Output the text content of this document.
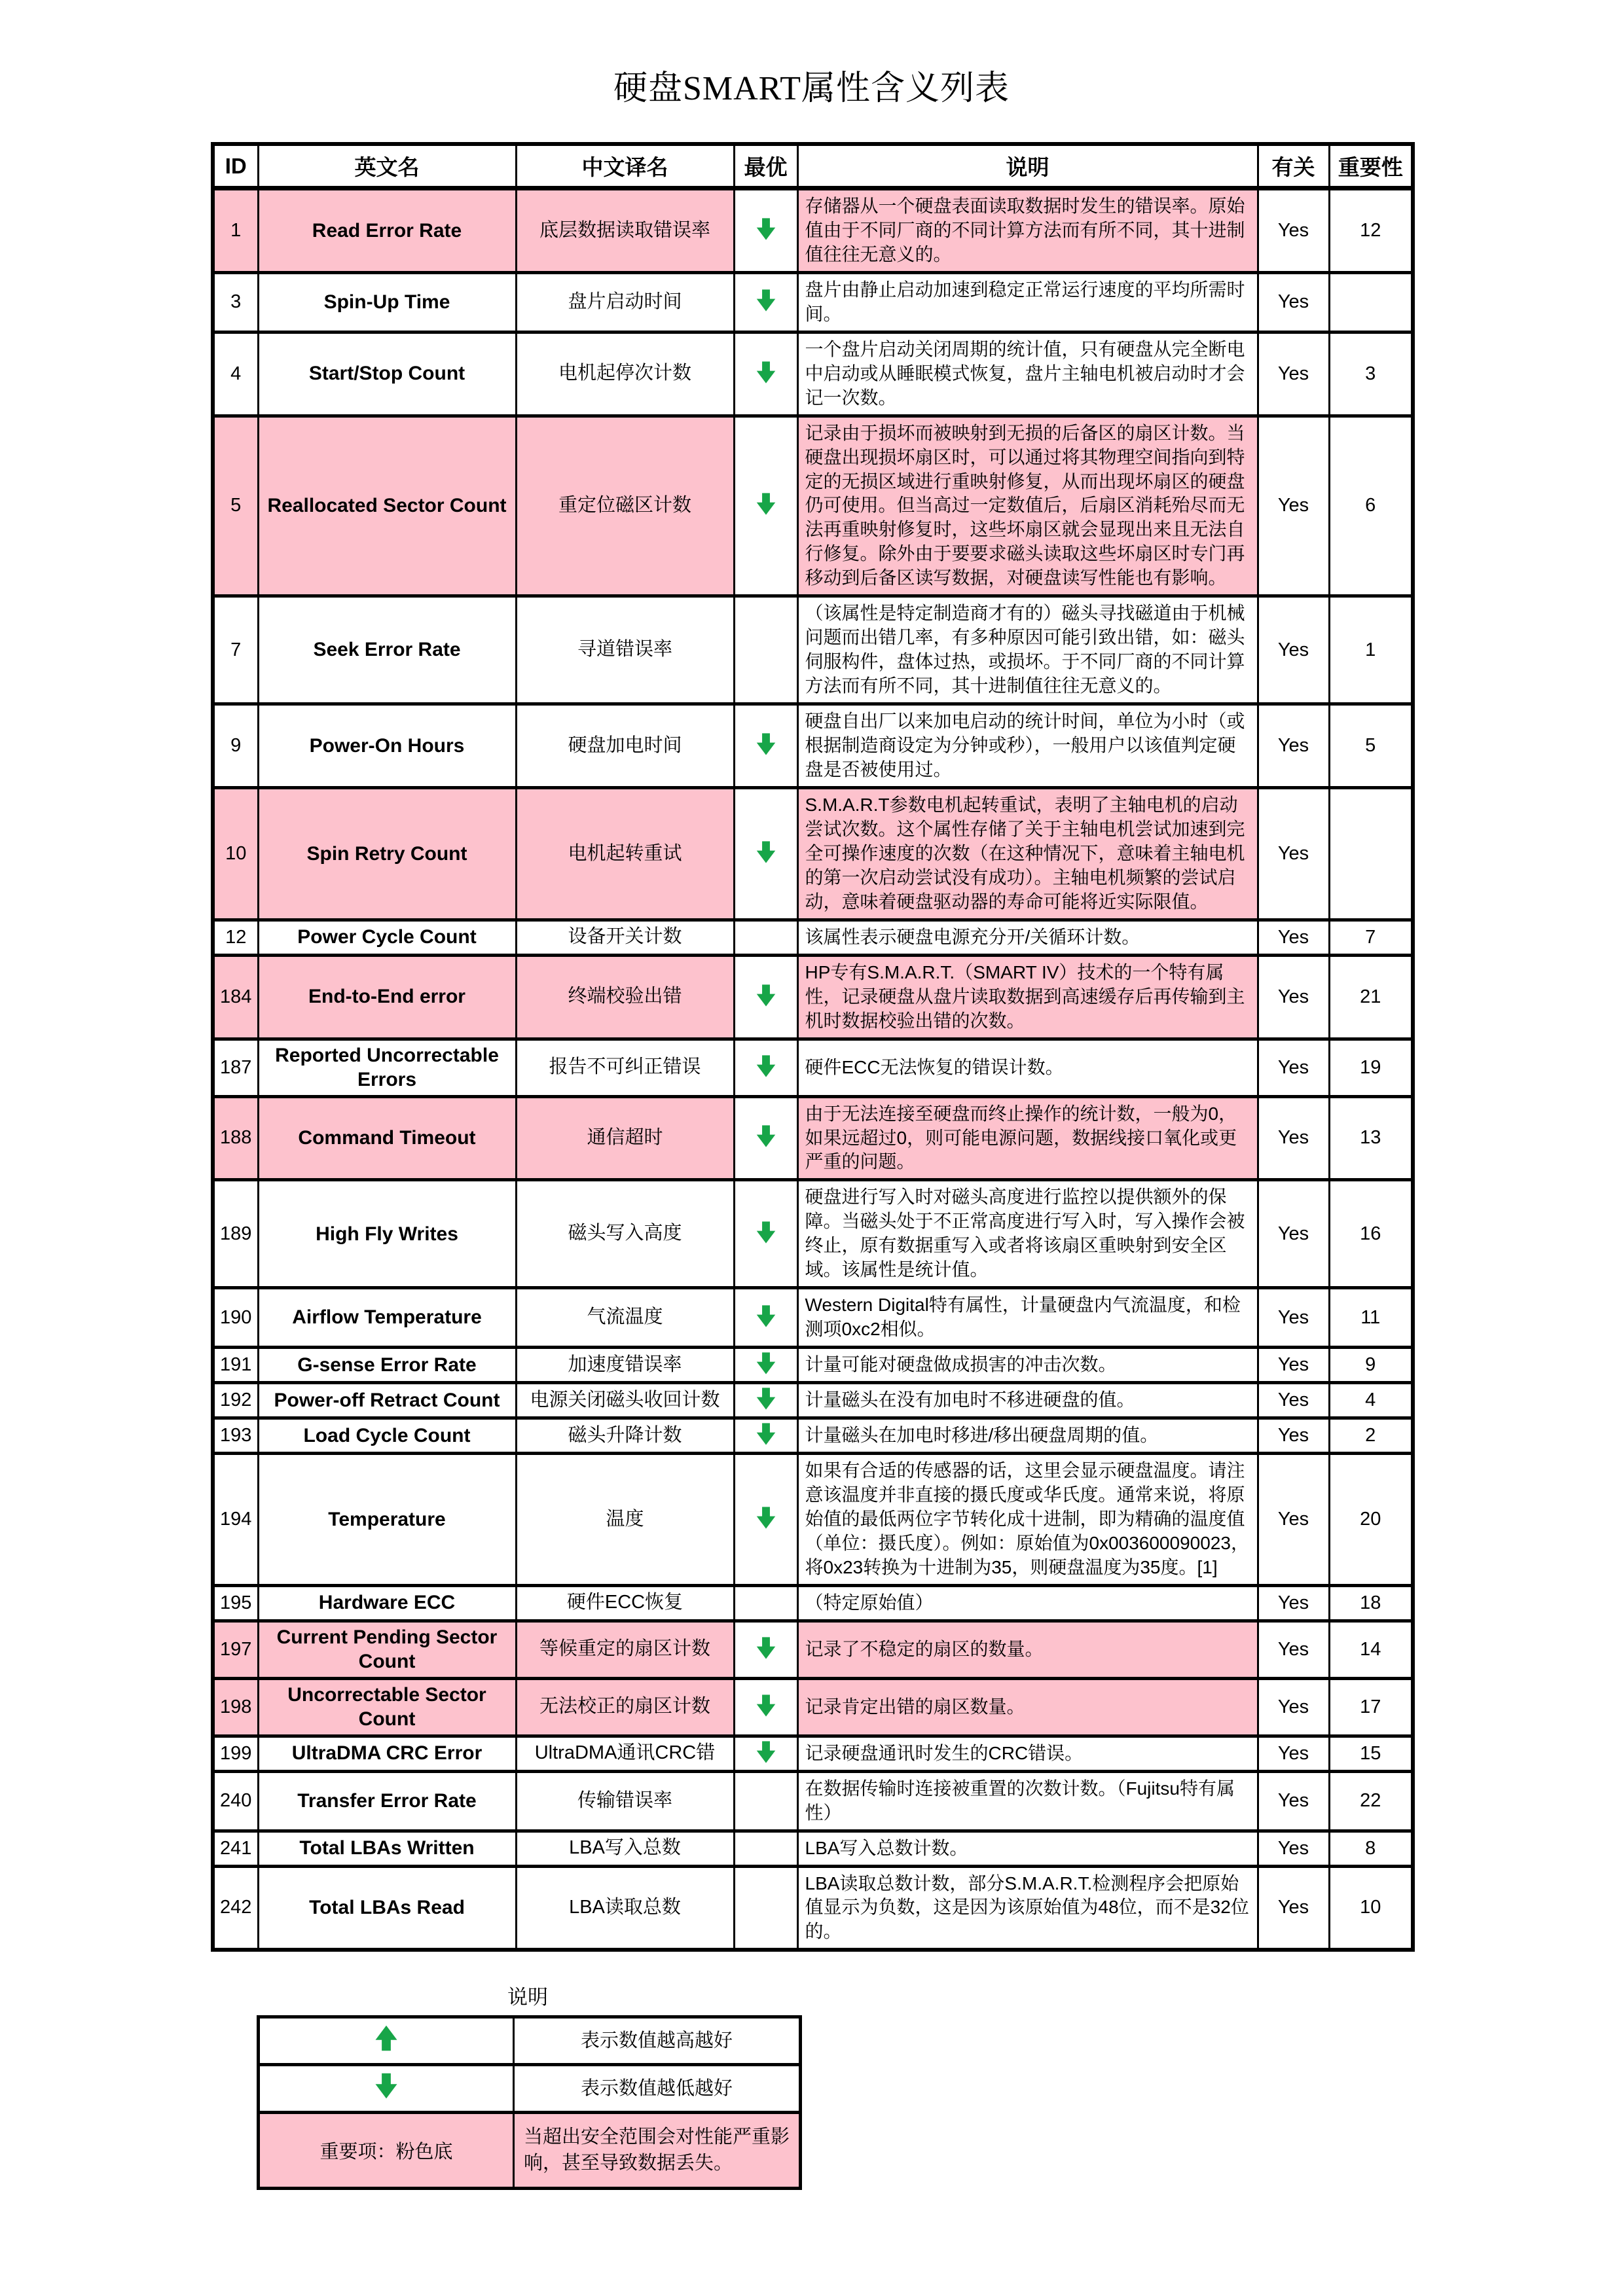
硬盘SMART属性含义列表
ID	英文名	中文译名	最优	说明	有关	重要性
1	Read Error Rate	底层数据读取错误率		存储器从一个硬盘表面读取数据时发生的错误率。原始值由于不同厂商的不同计算方法而有所不同，其十进制值往往无意义的。	Yes	12
3	Spin-Up Time	盘片启动时间		盘片由静止启动加速到稳定正常运行速度的平均所需时间。	Yes	
4	Start/Stop Count	电机起停次计数		一个盘片启动关闭周期的统计值，只有硬盘从完全断电中启动或从睡眠模式恢复，盘片主轴电机被启动时才会记一次数。	Yes	3
5	Reallocated Sector Count	重定位磁区计数		记录由于损坏而被映射到无损的后备区的扇区计数。当硬盘出现损坏扇区时，可以通过将其物理空间指向到特定的无损区域进行重映射修复，从而出现坏扇区的硬盘仍可使用。但当高过一定数值后，后扇区消耗殆尽而无法再重映射修复时，这些坏扇区就会显现出来且无法自行修复。除外由于要要求磁头读取这些坏扇区时专门再移动到后备区读写数据，对硬盘读写性能也有影响。	Yes	6
7	Seek Error Rate	寻道错误率		（该属性是特定制造商才有的）磁头寻找磁道由于机械问题而出错几率，有多种原因可能引致出错，如：磁头伺服构件，盘体过热，或损坏。于不同厂商的不同计算方法而有所不同，其十进制值往往无意义的。	Yes	1
9	Power-On Hours	硬盘加电时间		硬盘自出厂以来加电启动的统计时间，单位为小时（或根据制造商设定为分钟或秒），一般用户以该值判定硬盘是否被使用过。	Yes	5
10	Spin Retry Count	电机起转重试		S.M.A.R.T参数电机起转重试，表明了主轴电机的启动尝试次数。这个属性存储了关于主轴电机尝试加速到完全可操作速度的次数（在这种情况下，意味着主轴电机的第一次启动尝试没有成功）。主轴电机频繁的尝试启动，意味着硬盘驱动器的寿命可能将近实际限值。	Yes	
12	Power Cycle Count	设备开关计数		该属性表示硬盘电源充分开/关循环计数。	Yes	7
184	End-to-End error	终端校验出错		HP专有S.M.A.R.T.（SMART IV）技术的一个特有属性，记录硬盘从盘片读取数据到高速缓存后再传输到主机时数据校验出错的次数。	Yes	21
187	Reported Uncorrectable Errors	报告不可纠正错误		硬件ECC无法恢复的错误计数。	Yes	19
188	Command Timeout	通信超时		由于无法连接至硬盘而终止操作的统计数，一般为0，如果远超过0，则可能电源问题，数据线接口氧化或更严重的问题。	Yes	13
189	High Fly Writes	磁头写入高度		硬盘进行写入时对磁头高度进行监控以提供额外的保障。当磁头处于不正常高度进行写入时，写入操作会被终止，原有数据重写入或者将该扇区重映射到安全区域。该属性是统计值。	Yes	16
190	Airflow Temperature	气流温度		Western Digital特有属性，计量硬盘内气流温度，和检测项0xc2相似。	Yes	11
191	G-sense Error Rate	加速度错误率		计量可能对硬盘做成损害的冲击次数。	Yes	9
192	Power-off Retract Count	电源关闭磁头收回计数		计量磁头在没有加电时不移进硬盘的值。	Yes	4
193	Load Cycle Count	磁头升降计数		计量磁头在加电时移进/移出硬盘周期的值。	Yes	2
194	Temperature	温度		如果有合适的传感器的话，这里会显示硬盘温度。请注意该温度并非直接的摄氏度或华氏度。通常来说，将原始值的最低两位字节转化成十进制，即为精确的温度值（单位：摄氏度）。例如：原始值为0x003600090023，将0x23转换为十进制为35，则硬盘温度为35度。[1]	Yes	20
195	Hardware ECC	硬件ECC恢复		（特定原始值）	Yes	18
197	Current Pending Sector Count	等候重定的扇区计数		记录了不稳定的扇区的数量。	Yes	14
198	Uncorrectable Sector Count	无法校正的扇区计数		记录肯定出错的扇区数量。	Yes	17
199	UltraDMA CRC Error	UltraDMA通讯CRC错		记录硬盘通讯时发生的CRC错误。	Yes	15
240	Transfer Error Rate	传输错误率		在数据传输时连接被重置的次数计数。（Fujitsu特有属性）	Yes	22
241	Total LBAs Written	LBA写入总数		LBA写入总数计数。	Yes	8
242	Total LBAs Read	LBA读取总数		LBA读取总数计数，部分S.M.A.R.T.检测程序会把原始值显示为负数，这是因为该原始值为48位，而不是32位的。	Yes	10
说明
	表示数值越高越好
	表示数值越低越好
重要项：粉色底	当超出安全范围会对性能严重影响，甚至导致数据丢失。
